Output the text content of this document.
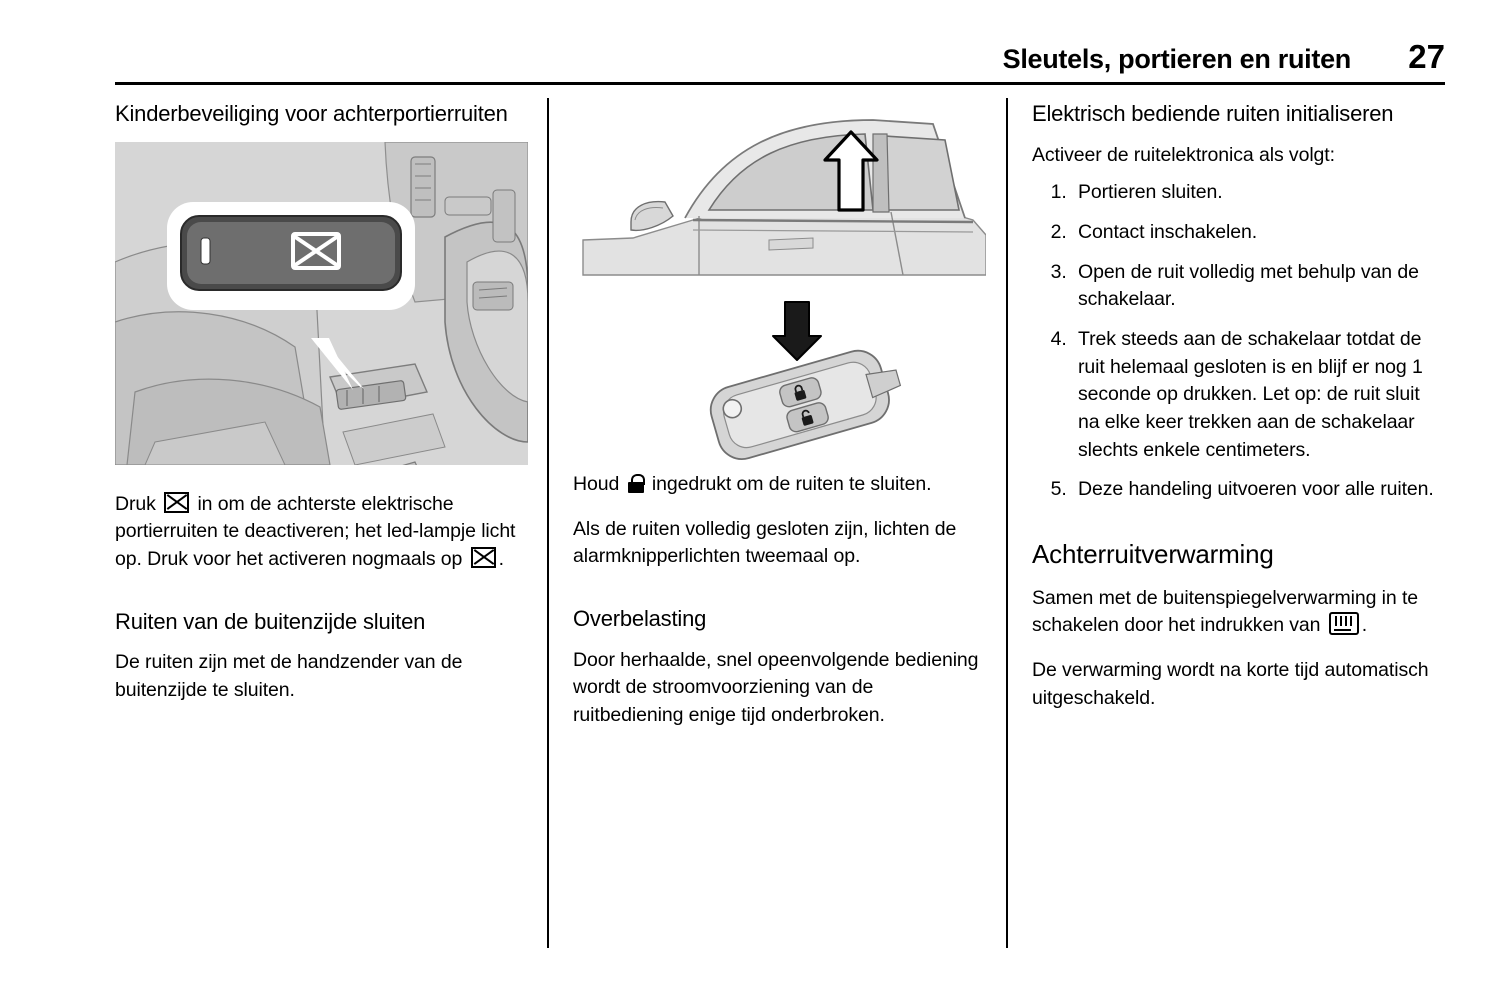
Sleutels, portieren en ruiten	27
Kinderbeveiliging voor achterportierruiten

Druk in om de achterste elektrische portierruiten te deactiveren; het led-lampje licht op. Druk voor het activeren nogmaals op .

Ruiten van de buitenzijde sluiten

De ruiten zijn met de handzender van de buitenzijde te sluiten.

Houd ingedrukt om de ruiten te sluiten.

Als de ruiten volledig gesloten zijn, lichten de alarmknipperlichten tweemaal op.

Overbelasting

Door herhaalde, snel opeenvolgende bediening wordt de stroomvoorziening van de ruitbediening enige tijd onderbroken.

Elektrisch bediende ruiten initialiseren

Activeer de ruitelektronica als volgt:

1. Portieren sluiten.
2. Contact inschakelen.
3. Open de ruit volledig met behulp van de schakelaar.
4. Trek steeds aan de schakelaar totdat de ruit helemaal gesloten is en blijf er nog 1 seconde op drukken. Let op: de ruit sluit na elke keer trekken aan de schakelaar slechts enkele centimeters.
5. Deze handeling uitvoeren voor alle ruiten.
Achterruitverwarming

Samen met de buitenspiegelverwarming in te schakelen door het indrukken van .

De verwarming wordt na korte tijd automatisch uitgeschakeld.
